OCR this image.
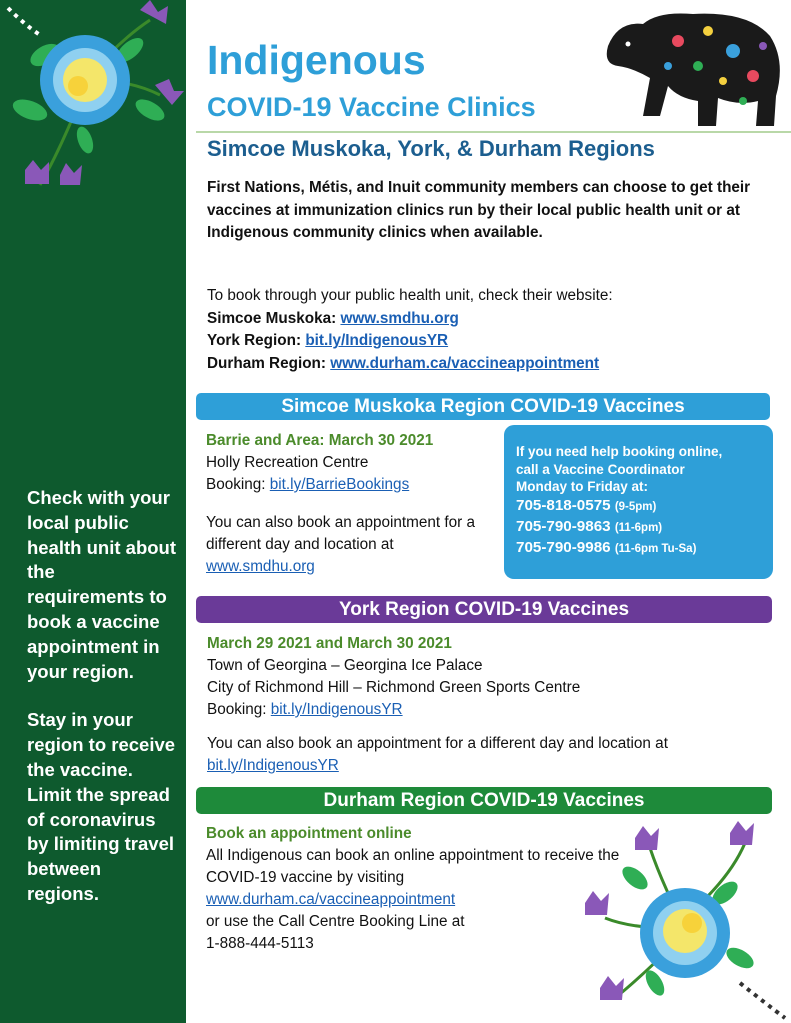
Check with your local public health unit about the requirements to book a vaccine appointment in your region.

Stay in your region to receive the vaccine. Limit the spread of coronavirus by limiting travel between regions.

Indigenous
COVID-19 Vaccine Clinics
Simcoe Muskoka, York, & Durham Regions

First Nations, Métis, and Inuit community members can choose to get their vaccines at immunization clinics run by their local public health unit or at Indigenous community clinics when available.

To book through your public health unit, check their website:
Simcoe Muskoka: www.smdhu.org
York Region: bit.ly/IndigenousYR
Durham Region: www.durham.ca/vaccineappointment
Simcoe Muskoka Region COVID-19 Vaccines
Barrie and Area: March 30 2021
Holly Recreation Centre
Booking: bit.ly/BarrieBookings
You can also book an appointment for a different day and location at www.smdhu.org
If you need help booking online,
call a Vaccine Coordinator
Monday to Friday at:
705-818-0575 (9-5pm)
705-790-9863 (11-6pm)
705-790-9986 (11-6pm Tu-Sa)
York Region COVID-19 Vaccines
March 29 2021 and March 30 2021
Town of Georgina – Georgina Ice Palace
City of Richmond Hill – Richmond Green Sports Centre
Booking: bit.ly/IndigenousYR
You can also book an appointment for a different day and location at bit.ly/IndigenousYR
Durham Region COVID-19 Vaccines
Book an appointment online
All Indigenous can book an online appointment to receive the COVID-19 vaccine by visiting
www.durham.ca/vaccineappointment
or use the Call Centre Booking Line at
1-888-444-5113
